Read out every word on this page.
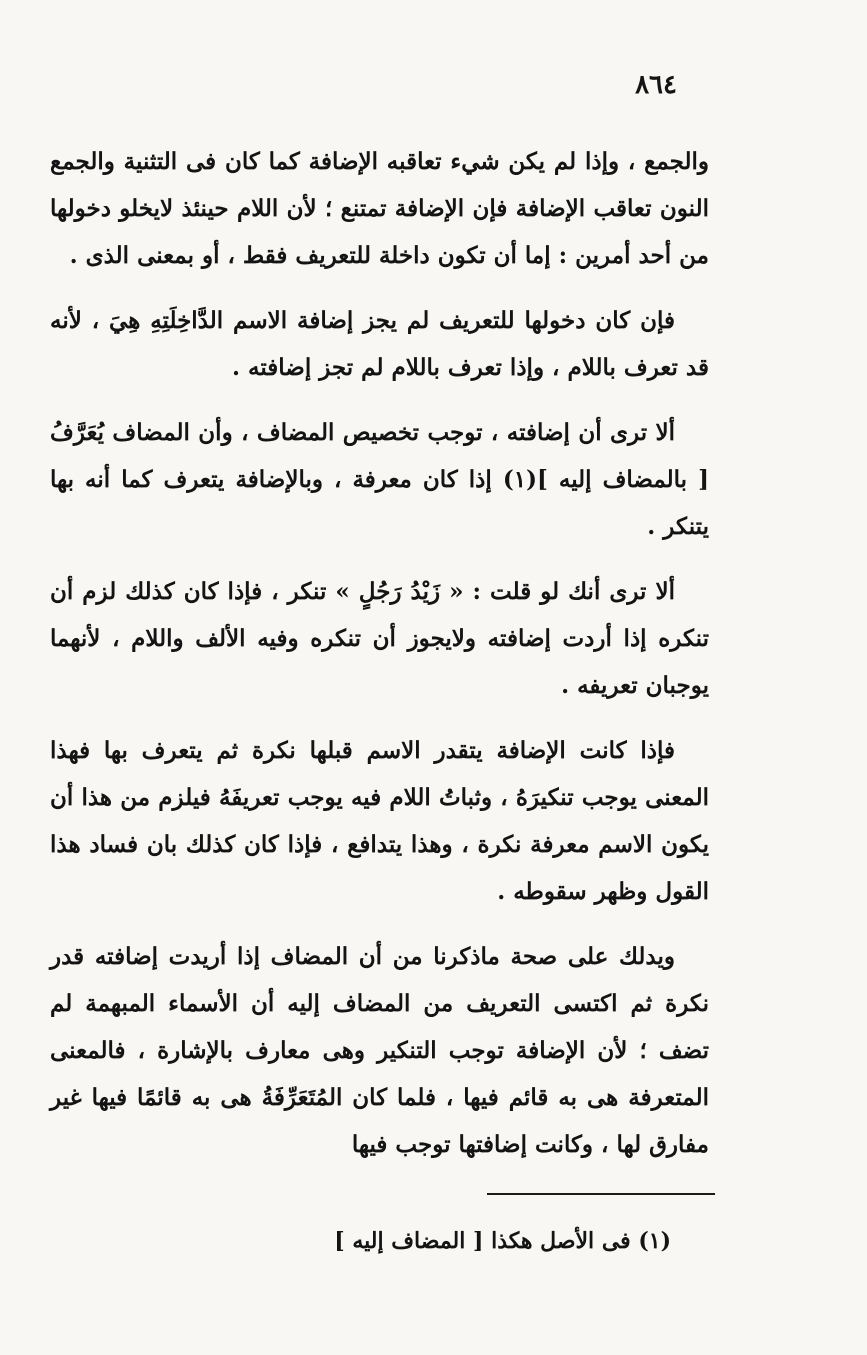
٨٦٤

والجمع ، وإذا لم يكن شيء تعاقبه الإضافة كما كان فى التثنية والجمع النون تعاقب الإضافة فإن الإضافة تمتنع ؛ لأن اللام حينئذ لايخلو دخولها من أحد أمرين : إما أن تكون داخلة للتعريف فقط ، أو بمعنى الذى .

فإن كان دخولها للتعريف لم يجز إضافة الاسم الدَّاخِلَتِهِ هِيَ ، لأنه قد تعرف باللام ، وإذا تعرف باللام لم تجز إضافته .

ألا ترى أن إضافته ، توجب تخصيص المضاف ، وأن المضاف يُعَرَّفُ [ بالمضاف إليه ](١) إذا كان معرفة ، وبالإضافة يتعرف كما أنه بها يتنكر .

ألا ترى أنك لو قلت : « زَيْدُ رَجُلٍ » تنكر ، فإذا كان كذلك لزم أن تنكره إذا أردت إضافته ولايجوز أن تنكره وفيه الألف واللام ، لأنهما يوجبان تعريفه .

فإذا كانت الإضافة يتقدر الاسم قبلها نكرة ثم يتعرف بها فهذا المعنى يوجب تنكيرَهُ ، وثباتُ اللام فيه يوجب تعريفَهُ فيلزم من هذا أن يكون الاسم معرفة نكرة ، وهذا يتدافع ، فإذا كان كذلك بان فساد هذا القول وظهر سقوطه .

ويدلك على صحة ماذكرنا من أن المضاف إذا أريدت إضافته قدر نكرة ثم اكتسى التعريف من المضاف إليه أن الأسماء المبهمة لم تضف ؛ لأن الإضافة توجب التنكير وهى معارف بالإشارة ، فالمعنى المتعرفة هى به قائم فيها ، فلما كان المُتَعَرِّفَةُ هى به قائمًا فيها غير مفارق لها ، وكانت إضافتها توجب فيها

(١) فى الأصل هكذا [ المضاف إليه ]
